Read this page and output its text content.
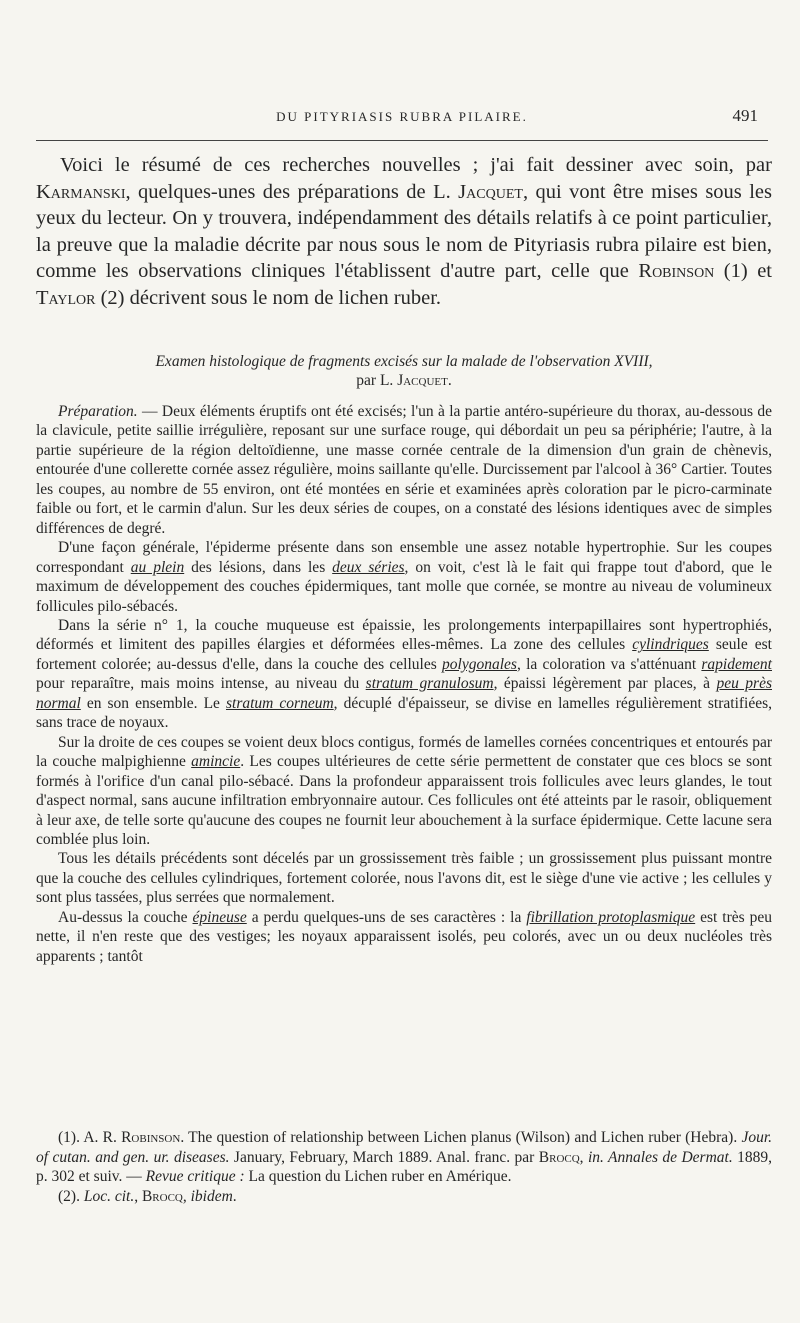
DU PITYRIASIS RUBRA PILAIRE.	491

Voici le résumé de ces recherches nouvelles ; j'ai fait dessiner avec soin, par Karmanski, quelques-unes des préparations de L. Jacquet, qui vont être mises sous les yeux du lecteur. On y trouvera, indépendamment des détails relatifs à ce point particulier, la preuve que la maladie décrite par nous sous le nom de Pityriasis rubra pilaire est bien, comme les observations cliniques l'établissent d'autre part, celle que Robinson (1) et Taylor (2) décrivent sous le nom de lichen ruber.

Examen histologique de fragments excisés sur la malade de l'observation XVIII,
par L. Jacquet.

Préparation. — Deux éléments éruptifs ont été excisés; l'un à la partie antéro-supérieure du thorax, au-dessous de la clavicule, petite saillie irrégulière, reposant sur une surface rouge, qui débordait un peu sa périphérie; l'autre, à la partie supérieure de la région deltoïdienne, une masse cornée centrale de la dimension d'un grain de chènevis, entourée d'une collerette cornée assez régulière, moins saillante qu'elle. Durcissement par l'alcool à 36° Cartier. Toutes les coupes, au nombre de 55 environ, ont été montées en série et examinées après coloration par le picro-carminate faible ou fort, et le carmin d'alun. Sur les deux séries de coupes, on a constaté des lésions identiques avec de simples différences de degré.

D'une façon générale, l'épiderme présente dans son ensemble une assez notable hypertrophie. Sur les coupes correspondant au plein des lésions, dans les deux séries, on voit, c'est là le fait qui frappe tout d'abord, que le maximum de développement des couches épidermiques, tant molle que cornée, se montre au niveau de volumineux follicules pilo-sébacés.

Dans la série n° 1, la couche muqueuse est épaissie, les prolongements interpapillaires sont hypertrophiés, déformés et limitent des papilles élargies et déformées elles-mêmes. La zone des cellules cylindriques seule est fortement colorée; au-dessus d'elle, dans la couche des cellules polygonales, la coloration va s'atténuant rapidement pour reparaître, mais moins intense, au niveau du stratum granulosum, épaissi légèrement par places, à peu près normal en son ensemble. Le stratum corneum, décuplé d'épaisseur, se divise en lamelles régulièrement stratifiées, sans trace de noyaux.

Sur la droite de ces coupes se voient deux blocs contigus, formés de lamelles cornées concentriques et entourés par la couche malpighienne amincie. Les coupes ultérieures de cette série permettent de constater que ces blocs se sont formés à l'orifice d'un canal pilo-sébacé. Dans la profondeur apparaissent trois follicules avec leurs glandes, le tout d'aspect normal, sans aucune infiltration embryonnaire autour. Ces follicules ont été atteints par le rasoir, obliquement à leur axe, de telle sorte qu'aucune des coupes ne fournit leur abouchement à la surface épidermique. Cette lacune sera comblée plus loin.

Tous les détails précédents sont décelés par un grossissement très faible ; un grossissement plus puissant montre que la couche des cellules cylindriques, fortement colorée, nous l'avons dit, est le siège d'une vie active ; les cellules y sont plus tassées, plus serrées que normalement.

Au-dessus la couche épineuse a perdu quelques-uns de ses caractères : la fibrillation protoplasmique est très peu nette, il n'en reste que des vestiges; les noyaux apparaissent isolés, peu colorés, avec un ou deux nucléoles très apparents ; tantôt

(1). A. R. Robinson. The question of relationship between Lichen planus (Wilson) and Lichen ruber (Hebra). Jour. of cutan. and gen. ur. diseases. January, February, March 1889. Anal. franc. par Brocq, in. Annales de Dermat. 1889, p. 302 et suiv. — Revue critique : La question du Lichen ruber en Amérique.

(2). Loc. cit., Brocq, ibidem.
